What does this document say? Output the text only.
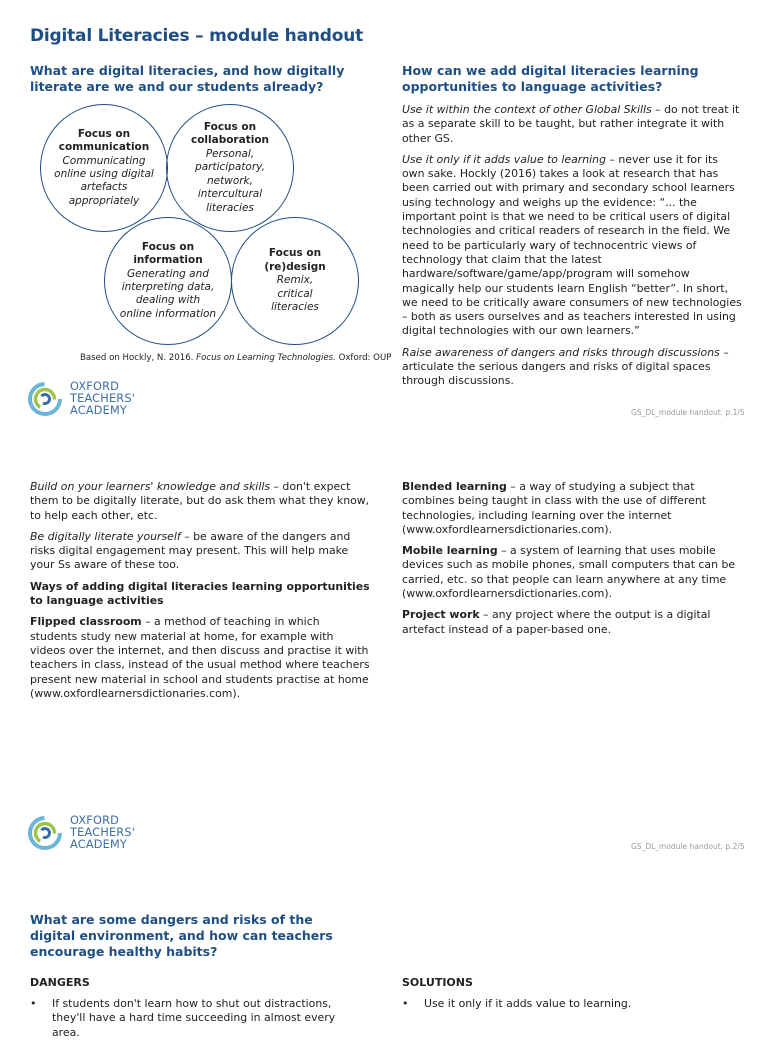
Digital Literacies – module handout
What are digital literacies, and how digitally literate are we and our students already?
Focus on communication
Communicating online using digital artefacts appropriately
Focus on collaboration
Personal, participatory, network, intercultural literacies
Focus on information
Generating and interpreting data, dealing with online information
Focus on (re)design
Remix, critical literacies
Based on Hockly, N. 2016. Focus on Learning Technologies. Oxford: OUP
How can we add digital literacies learning opportunities to language activities?

Use it within the context of other Global Skills – do not treat it as a separate skill to be taught, but rather integrate it with other GS.

Use it only if it adds value to learning – never use it for its own sake. Hockly (2016) takes a look at research that has been carried out with primary and secondary school learners using technology and weighs up the evidence: “... the important point is that we need to be critical users of digital technologies and critical readers of research in the field. We need to be particularly wary of technocentric views of technology that claim that the latest hardware/software/game/app/program will somehow magically help our students learn English “better”. In short, we need to be critically aware consumers of new technologies – both as users ourselves and as teachers interested in using digital technologies with our own learners.”

Raise awareness of dangers and risks through discussions – articulate the serious dangers and risks of digital spaces through discussions.

OXFORD
TEACHERS'
ACADEMY	GS_DL_module handout. p.1/5

Build on your learners' knowledge and skills – don't expect them to be digitally literate, but do ask them what they know, to help each other, etc.

Be digitally literate yourself – be aware of the dangers and risks digital engagement may present. This will help make your Ss aware of these too.

Ways of adding digital literacies learning opportunities to language activities

Flipped classroom – a method of teaching in which students study new material at home, for example with videos over the internet, and then discuss and practise it with teachers in class, instead of the usual method where teachers present new material in school and students practise at home (www.oxfordlearnersdictionaries.com).

Blended learning – a way of studying a subject that combines being taught in class with the use of different technologies, including learning over the internet (www.oxfordlearnersdictionaries.com).

Mobile learning – a system of learning that uses mobile devices such as mobile phones, small computers that can be carried, etc. so that people can learn anywhere at any time (www.oxfordlearnersdictionaries.com).

Project work – any project where the output is a digital artefact instead of a paper-based one.

OXFORD
TEACHERS'
ACADEMY	GS_DL_module handout. p.2/5
What are some dangers and risks of the digital environment, and how can teachers encourage healthy habits?
DANGERS
• If students don't learn how to shut out distractions, they'll have a hard time succeeding in almost every area.
SOLUTIONS
• Use it only if it adds value to learning.
